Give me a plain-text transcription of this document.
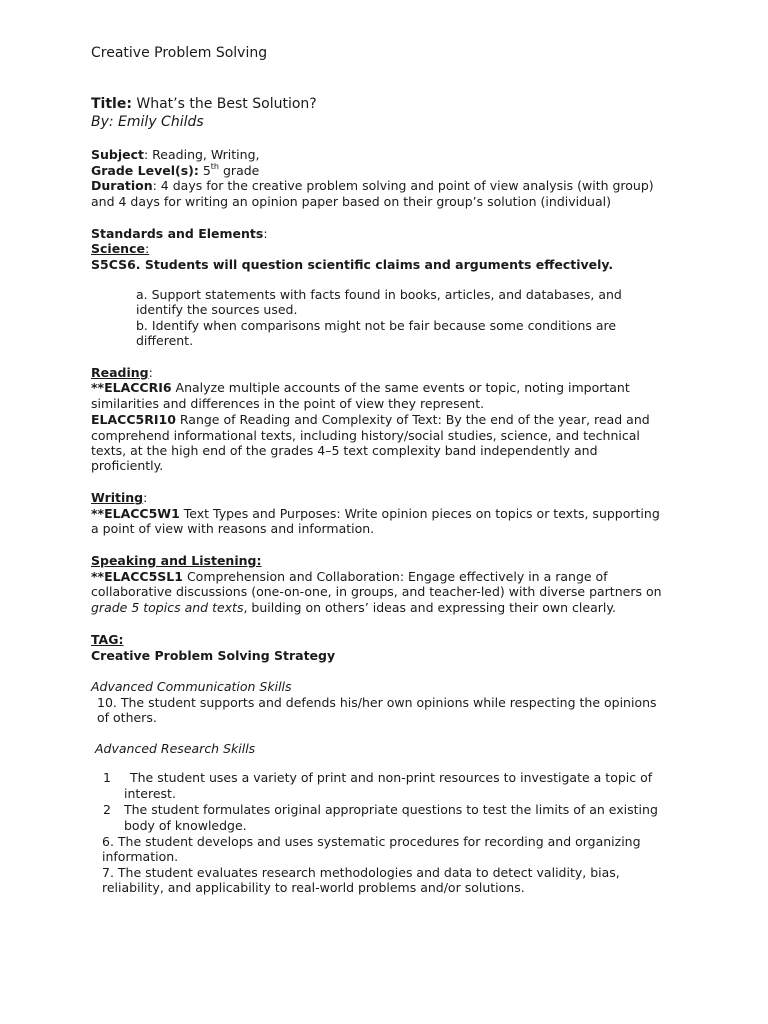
Creative Problem Solving
Title: What’s the Best Solution?
By: Emily Childs
Subject: Reading, Writing,
Grade Level(s): 5th grade
Duration: 4 days for the creative problem solving and point of view analysis (with group)
and 4 days for writing an opinion paper based on their group’s solution (individual)
Standards and Elements:
Science:
S5CS6. Students will question scientific claims and arguments effectively.
a. Support statements with facts found in books, articles, and databases, and
identify the sources used.
b. Identify when comparisons might not be fair because some conditions are
different.
Reading:
**ELACCRI6 Analyze multiple accounts of the same events or topic, noting important
similarities and differences in the point of view they represent.
ELACC5RI10 Range of Reading and Complexity of Text: By the end of the year, read and
comprehend informational texts, including history/social studies, science, and technical
texts, at the high end of the grades 4–5 text complexity band independently and
proficiently.
Writing:
**ELACC5W1 Text Types and Purposes: Write opinion pieces on topics or texts, supporting
a point of view with reasons and information.
Speaking and Listening:
**ELACC5SL1 Comprehension and Collaboration: Engage effectively in a range of
collaborative discussions (one-on-one, in groups, and teacher-led) with diverse partners on
grade 5 topics and texts, building on others’ ideas and expressing their own clearly.
TAG:
Creative Problem Solving Strategy
Advanced Communication Skills
10. The student supports and defends his/her own opinions while respecting the opinions
of others.
Advanced Research Skills
1 The student uses a variety of print and non-print resources to investigate a topic of
interest.
2 The student formulates original appropriate questions to test the limits of an existing
body of knowledge.
6. The student develops and uses systematic procedures for recording and organizing
information.
7. The student evaluates research methodologies and data to detect validity, bias,
reliability, and applicability to real-world problems and/or solutions.
